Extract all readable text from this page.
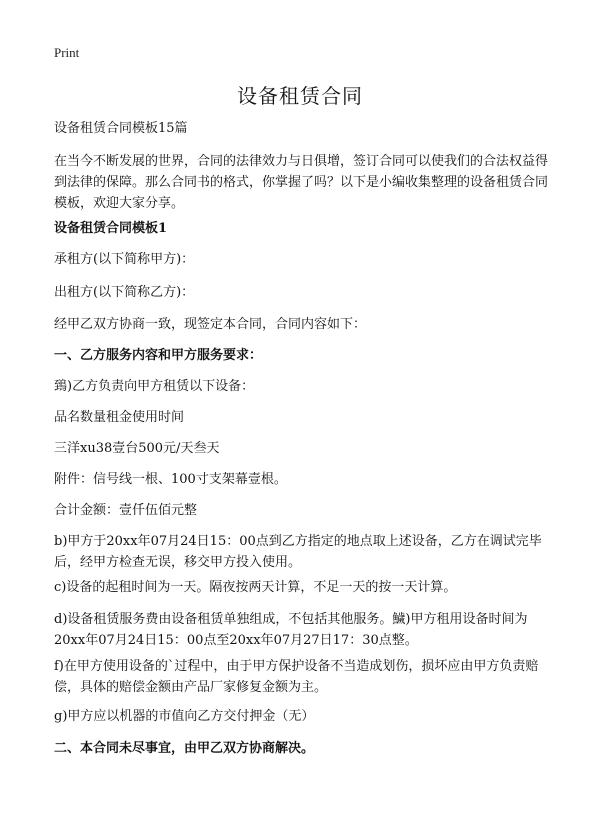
Print
设备租赁合同

设备租赁合同模板15篇

在当今不断发展的世界，合同的法律效力与日俱增，签订合同可以使我们的合法权益得到法律的保障。那么合同书的格式，你掌握了吗？以下是小编收集整理的设备租赁合同模板，欢迎大家分享。

设备租赁合同模板1

承租方(以下简称甲方)：

出租方(以下简称乙方)：

经甲乙双方协商一致，现签定本合同，合同内容如下：

一、乙方服务内容和甲方服务要求：

鵄)乙方负责向甲方租赁以下设备：

品名数量租金使用时间

三洋xu38壹台500元/天叁天

附件：信号线一根、100寸支架幕壹根。

合计金额：壹仟伍佰元整

b)甲方于20xx年07月24日15：00点到乙方指定的地点取上述设备，乙方在调试完毕后，经甲方检查无误，移交甲方投入使用。

c)设备的起租时间为一天。隔夜按两天计算，不足一天的按一天计算。

d)设备租赁服务费由设备租赁单独组成，不包括其他服务。鱥)甲方租用设备时间为20xx年07月24日15：00点至20xx年07月27日17：30点整。

f)在甲方使用设备的`过程中，由于甲方保护设备不当造成划伤，损坏应由甲方负责赔偿，具体的赔偿金额由产品厂家修复金额为主。

g)甲方应以机器的市值向乙方交付押金（无）

二、本合同未尽事宜，由甲乙双方协商解决。
